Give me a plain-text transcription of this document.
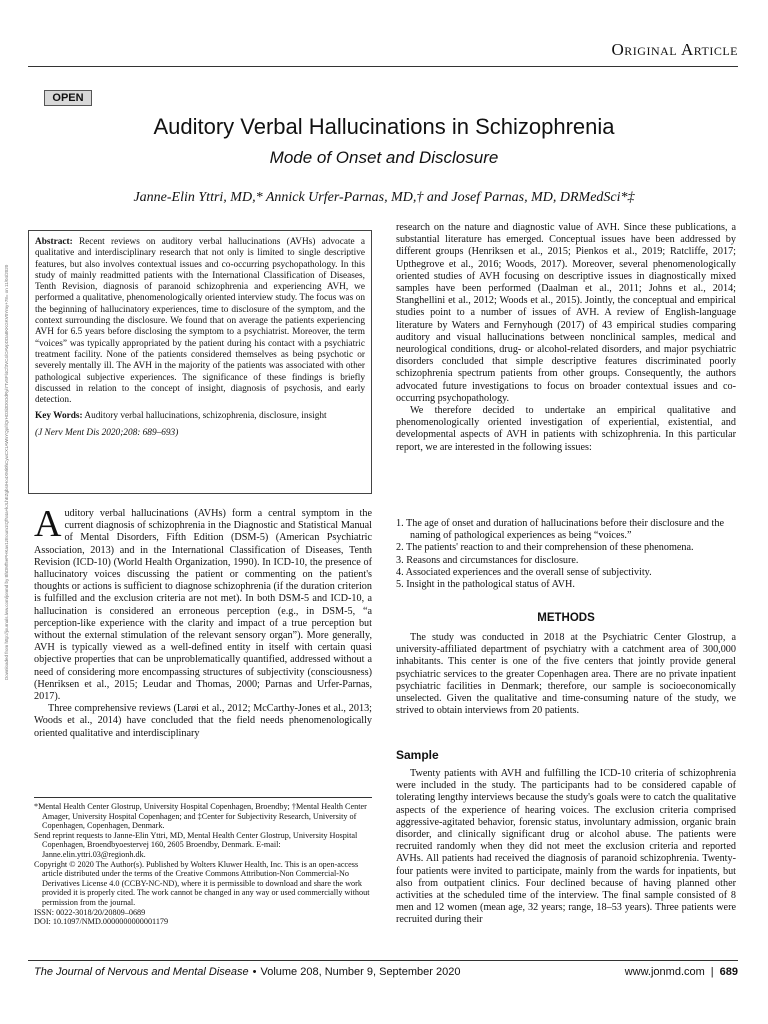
Original Article
OPEN
Auditory Verbal Hallucinations in Schizophrenia
Mode of Onset and Disclosure
Janne-Elin Yttri, MD,* Annick Urfer-Parnas, MD,† and Josef Parnas, MD, DRMedSci*‡
Downloaded from http://journals.lww.com/jonmd by BhDMf5ePHKav1zEoum1tQfN4a+kJLhEZgbsIHo4XMi0hCywCX1AWnYQp/IlQrHD3i3D0OdRyi7TvSFl4Cf3VC4/OAVpDDa8KKGKV0Ymy+78= on 11/04/2020

Abstract: Recent reviews on auditory verbal hallucinations (AVHs) advocate a qualitative and interdisciplinary research that not only is limited to single descriptive features, but also involves contextual issues and co-occurring psychopathology. In this study of mainly readmitted patients with the International Classification of Diseases, Tenth Revision, diagnosis of paranoid schizophrenia and experiencing AVH, we performed a qualitative, phenomenologically oriented interview study. The focus was on the beginning of hallucinatory experiences, time to disclosure of the symptom, and the context surrounding the disclosure. We found that on average the patients experiencing AVH for 6.5 years before disclosing the symptom to a psychiatrist. Moreover, the term “voices” was typically appropriated by the patient during his contact with a psychiatric treatment facility. None of the patients considered themselves as being psychotic or severely mentally ill. The AVH in the majority of the patients was associated with other pathological subjective experiences. The significance of these findings is briefly discussed in relation to the concept of insight, diagnosis of psychosis, and early detection.

Key Words: Auditory verbal hallucinations, schizophrenia, disclosure, insight

(J Nerv Ment Dis 2020;208: 689–693)

Auditory verbal hallucinations (AVHs) form a central symptom in the current diagnosis of schizophrenia in the Diagnostic and Statistical Manual of Mental Disorders, Fifth Edition (DSM-5) (American Psychiatric Association, 2013) and in the International Classification of Diseases, Tenth Revision (ICD-10) (World Health Organization, 1990). In ICD-10, the presence of hallucinatory voices discussing the patient or commenting on the patient's thoughts or actions is sufficient to diagnose schizophrenia (if the duration criterion is fulfilled and the exclusion criteria are not met). In both DSM-5 and ICD-10, a hallucination is considered an erroneous perception (e.g., in DSM-5, “a perception-like experience with the clarity and impact of a true perception but without the external stimulation of the relevant sensory organ”). More generally, AVH is typically viewed as a well-defined entity in itself with certain quasi objective properties that can be unproblematically quantified, addressed without a need of considering more encompassing structures of subjectivity (consciousness) (Henriksen et al., 2015; Leudar and Thomas, 2000; Parnas and Urfer-Parnas, 2017).

Three comprehensive reviews (Larøi et al., 2012; McCarthy-Jones et al., 2013; Woods et al., 2014) have concluded that the field needs phenomenologically oriented qualitative and interdisciplinary

*Mental Health Center Glostrup, University Hospital Copenhagen, Broendby; †Mental Health Center Amager, University Hospital Copenhagen; and ‡Center for Subjectivity Research, University of Copenhagen, Copenhagen, Denmark.

Send reprint requests to Janne-Elin Yttri, MD, Mental Health Center Glostrup, University Hospital Copenhagen, Broendbyoestervej 160, 2605 Broendby, Denmark. E-mail: Janne.elin.yttri.03@regionh.dk.

Copyright © 2020 The Author(s). Published by Wolters Kluwer Health, Inc. This is an open-access article distributed under the terms of the Creative Commons Attribution-Non Commercial-No Derivatives License 4.0 (CCBY-NC-ND), where it is permissible to download and share the work provided it is properly cited. The work cannot be changed in any way or used commercially without permission from the journal.

ISSN: 0022-3018/20/20809–0689

DOI: 10.1097/NMD.0000000000001179

research on the nature and diagnostic value of AVH. Since these publications, a substantial literature has emerged. Conceptual issues have been addressed by different groups (Henriksen et al., 2015; Pienkos et al., 2019; Ratcliffe, 2017; Upthegrove et al., 2016; Woods, 2017). Moreover, several phenomenologically oriented studies of AVH focusing on descriptive issues in diagnostically mixed samples have been performed (Daalman et al., 2011; Johns et al., 2014; Stanghellini et al., 2012; Woods et al., 2015). Jointly, the conceptual and empirical studies point to a number of issues of AVH. A review of English-language literature by Waters and Fernyhough (2017) of 43 empirical studies comparing auditory and visual hallucinations between nonclinical samples, medical and neurological conditions, drug- or alcohol-related disorders, and major psychiatric disorders concluded that simple descriptive features discriminated poorly schizophrenia spectrum patients from other groups. Consequently, the authors advocated future investigations to focus on broader contextual issues and co-occurring psychopathology.

We therefore decided to undertake an empirical qualitative and phenomenologically oriented investigation of experiential, existential, and developmental aspects of AVH in patients with schizophrenia. In this particular report, we are interested in the following issues:

1. The age of onset and duration of hallucinations before their disclosure and the naming of pathological experiences as being “voices.”
2. The patients' reaction to and their comprehension of these phenomena.
3. Reasons and circumstances for disclosure.
4. Associated experiences and the overall sense of subjectivity.
5. Insight in the pathological status of AVH.
METHODS

The study was conducted in 2018 at the Psychiatric Center Glostrup, a university-affiliated department of psychiatry with a catchment area of 300,000 inhabitants. This center is one of the five centers that jointly provide general psychiatric services to the greater Copenhagen area. There are no private inpatient psychiatric facilities in Denmark; therefore, our sample is socioeconomically unselected. Given the qualitative and time-consuming nature of the study, we strived to obtain interviews from 20 patients.

Sample

Twenty patients with AVH and fulfilling the ICD-10 criteria of schizophrenia were included in the study. The participants had to be considered capable of tolerating lengthy interviews because the study's goals were to catch the qualitative aspects of the experience of hearing voices. The exclusion criteria comprised aggressive-agitated behavior, forensic status, involuntary admission, organic brain disorder, and clinically significant drug or alcohol abuse. The patients were recruited randomly when they did not meet the exclusion criteria and reported AVHs. All patients had received the diagnosis of paranoid schizophrenia. Twenty-four patients were invited to participate, mainly from the wards for inpatients, but also from outpatient clinics. Four declined because of having planned other activities at the scheduled time of the interview. The final sample consisted of 8 men and 12 women (mean age, 32 years; range, 18–53 years). Three patients were recruited during their

The Journal of Nervous and Mental Disease • Volume 208, Number 9, September 2020	www.jonmd.com | 689
